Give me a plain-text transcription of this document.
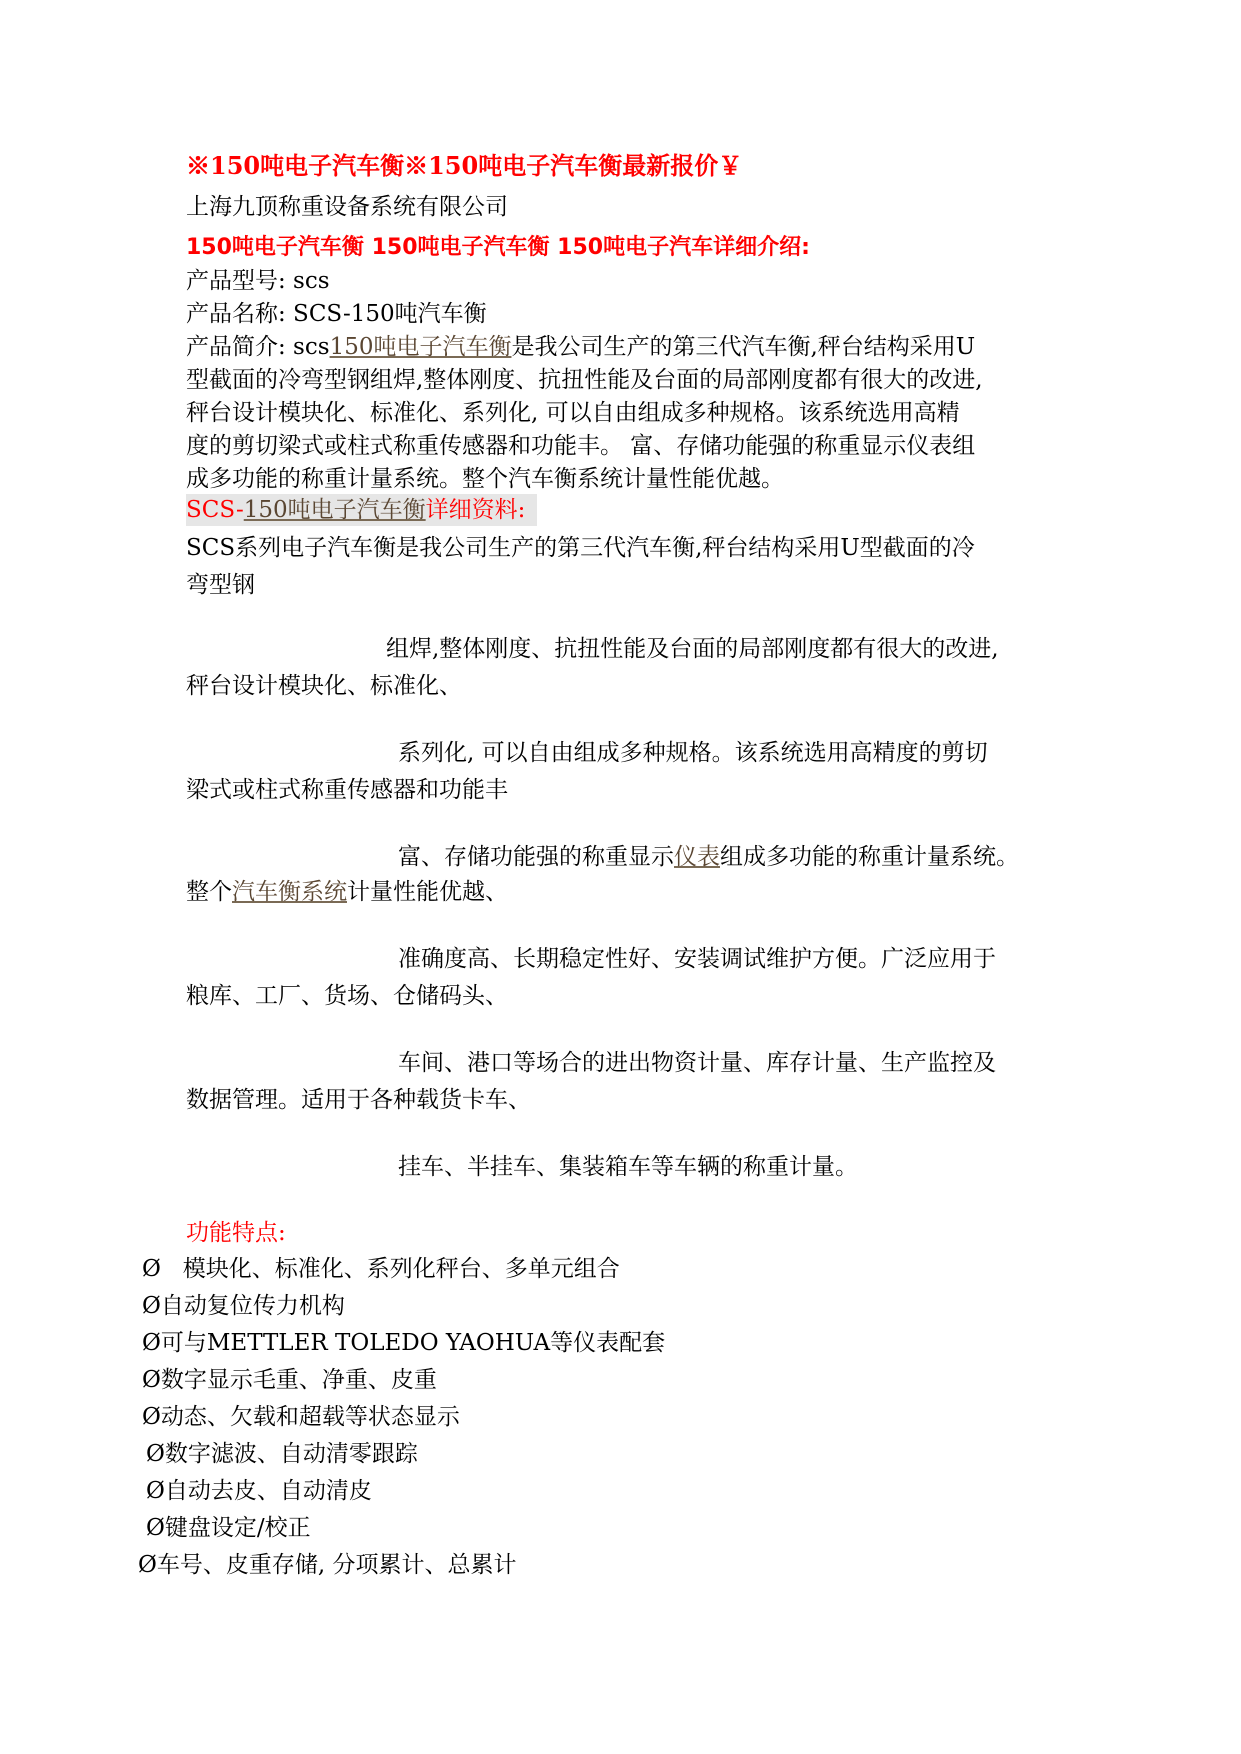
※150吨电子汽车衡※150吨电子汽车衡最新报价￥
上海九顶称重设备系统有限公司
150吨电子汽车衡 150吨电子汽车衡 150吨电子汽车详细介绍:
产品型号: scs
产品名称: SCS-150吨汽车衡
产品简介: scs150吨电子汽车衡是我公司生产的第三代汽车衡,秤台结构采用U
型截面的冷弯型钢组焊,整体刚度、抗扭性能及台面的局部刚度都有很大的改进,
秤台设计模块化、标准化、系列化, 可以自由组成多种规格。该系统选用高精
度的剪切梁式或柱式称重传感器和功能丰。 富、存储功能强的称重显示仪表组
成多功能的称重计量系统。整个汽车衡系统计量性能优越。
SCS-150吨电子汽车衡详细资料:
SCS系列电子汽车衡是我公司生产的第三代汽车衡,秤台结构采用U型截面的冷
弯型钢
组焊,整体刚度、抗扭性能及台面的局部刚度都有很大的改进,
秤台设计模块化、标准化、
系列化, 可以自由组成多种规格。该系统选用高精度的剪切
梁式或柱式称重传感器和功能丰
富、存储功能强的称重显示仪表组成多功能的称重计量系统。
整个汽车衡系统计量性能优越、
准确度高、长期稳定性好、安装调试维护方便。广泛应用于
粮库、工厂、货场、仓储码头、
车间、港口等场合的进出物资计量、库存计量、生产监控及
数据管理。适用于各种载货卡车、
挂车、半挂车、集装箱车等车辆的称重计量。
功能特点:
Ø 模块化、标准化、系列化秤台、多单元组合
Ø自动复位传力机构
Ø可与METTLER TOLEDO YAOHUA等仪表配套
Ø数字显示毛重、净重、皮重
Ø动态、欠载和超载等状态显示
Ø数字滤波、自动清零跟踪
Ø自动去皮、自动清皮
Ø键盘设定/校正
Ø车号、皮重存储, 分项累计、总累计
